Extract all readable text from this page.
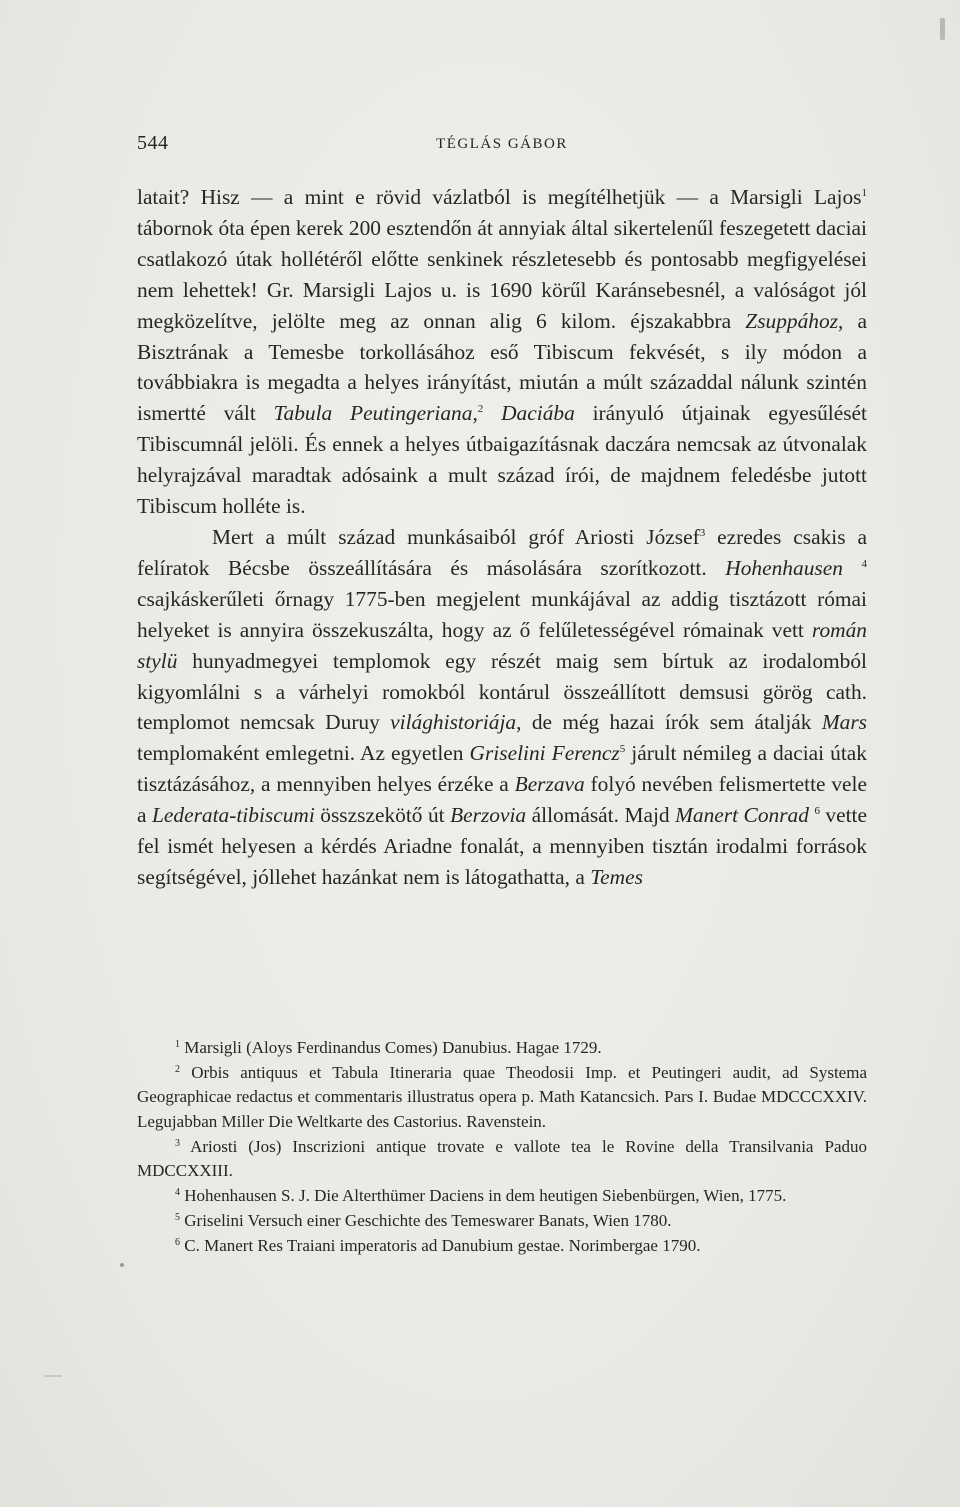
544	TÉGLÁS GÁBOR

latait? Hisz — a mint e rövid vázlatból is megítélhetjük — a Marsigli Lajos$^1$ tábornok óta épen kerek 200 esztendőn át annyiak által sikertelenűl feszegetett daciai csatlakozó útak hollétéről előtte senkinek részletesebb és pontosabb megfigyelései nem lehettek! Gr. Marsigli Lajos u. is 1690 körűl Karánsebesnél, a valóságot jól megközelítve, jelölte meg az onnan alig 6 kilom. éjszakabbra Zsuppához, a Bisztrának a Temesbe torkollásához eső Tibiscum fekvését, s ily módon a továbbiakra is megadta a helyes irányítást, miután a múlt századdal nálunk szintén ismertté vált Tabula Peutingeriana,$^2$ Daciába irányuló útjainak egyesűlését Tibiscumnál jelöli. És ennek a helyes útbaigazításnak daczára nemcsak az útvonalak helyrajzával maradtak adósaink a mult század írói, de majdnem feledésbe jutott Tibiscum holléte is.

Mert a múlt század munkásaiból gróf Ariosti József$^3$ ezredes csakis a felíratok Bécsbe összeállítására és másolására szorítkozott. Hohenhausen $^4$ csajkáskerűleti őrnagy 1775-ben megjelent munkájával az addig tisztázott római helyeket is annyira összekuszálta, hogy az ő felűletességével rómainak vett román stylü hunyadmegyei templomok egy részét maig sem bírtuk az irodalomból kigyomlálni s a várhelyi romokból kontárul összeállított demsusi görög cath. templomot nemcsak Duruy világhistoriája, de még hazai írók sem átalják Mars templomaként emlegetni. Az egyetlen Griselini Ferencz$^5$ járult némileg a daciai útak tisztázásához, a mennyiben helyes érzéke a Berzava folyó nevében felismertette vele a Lederata-tibiscumi összszekötő út Berzovia állomását. Majd Manert Conrad $^6$ vette fel ismét helyesen a kérdés Ariadne fonalát, a mennyiben tisztán irodalmi források segítségével, jóllehet hazánkat nem is látogathatta, a Temes

$^1$ Marsigli (Aloys Ferdinandus Comes) Danubius. Hagae 1729.

$^2$ Orbis antiquus et Tabula Itineraria quae Theodosii Imp. et Peutingeri audit, ad Systema Geographicae redactus et commentaris illustratus opera p. Math Katancsich. Pars I. Budae MDCCCXXIV. Legujabban Miller Die Weltkarte des Castorius. Ravenstein.

$^3$ Ariosti (Jos) Inscrizioni antique trovate e vallote tea le Rovine della Transilvania Paduo MDCCXXIII.

$^4$ Hohenhausen S. J. Die Alterthümer Daciens in dem heutigen Siebenbürgen, Wien, 1775.

$^5$ Griselini Versuch einer Geschichte des Temeswarer Banats, Wien 1780.

$^6$ C. Manert Res Traiani imperatoris ad Danubium gestae. Norimbergae 1790.
